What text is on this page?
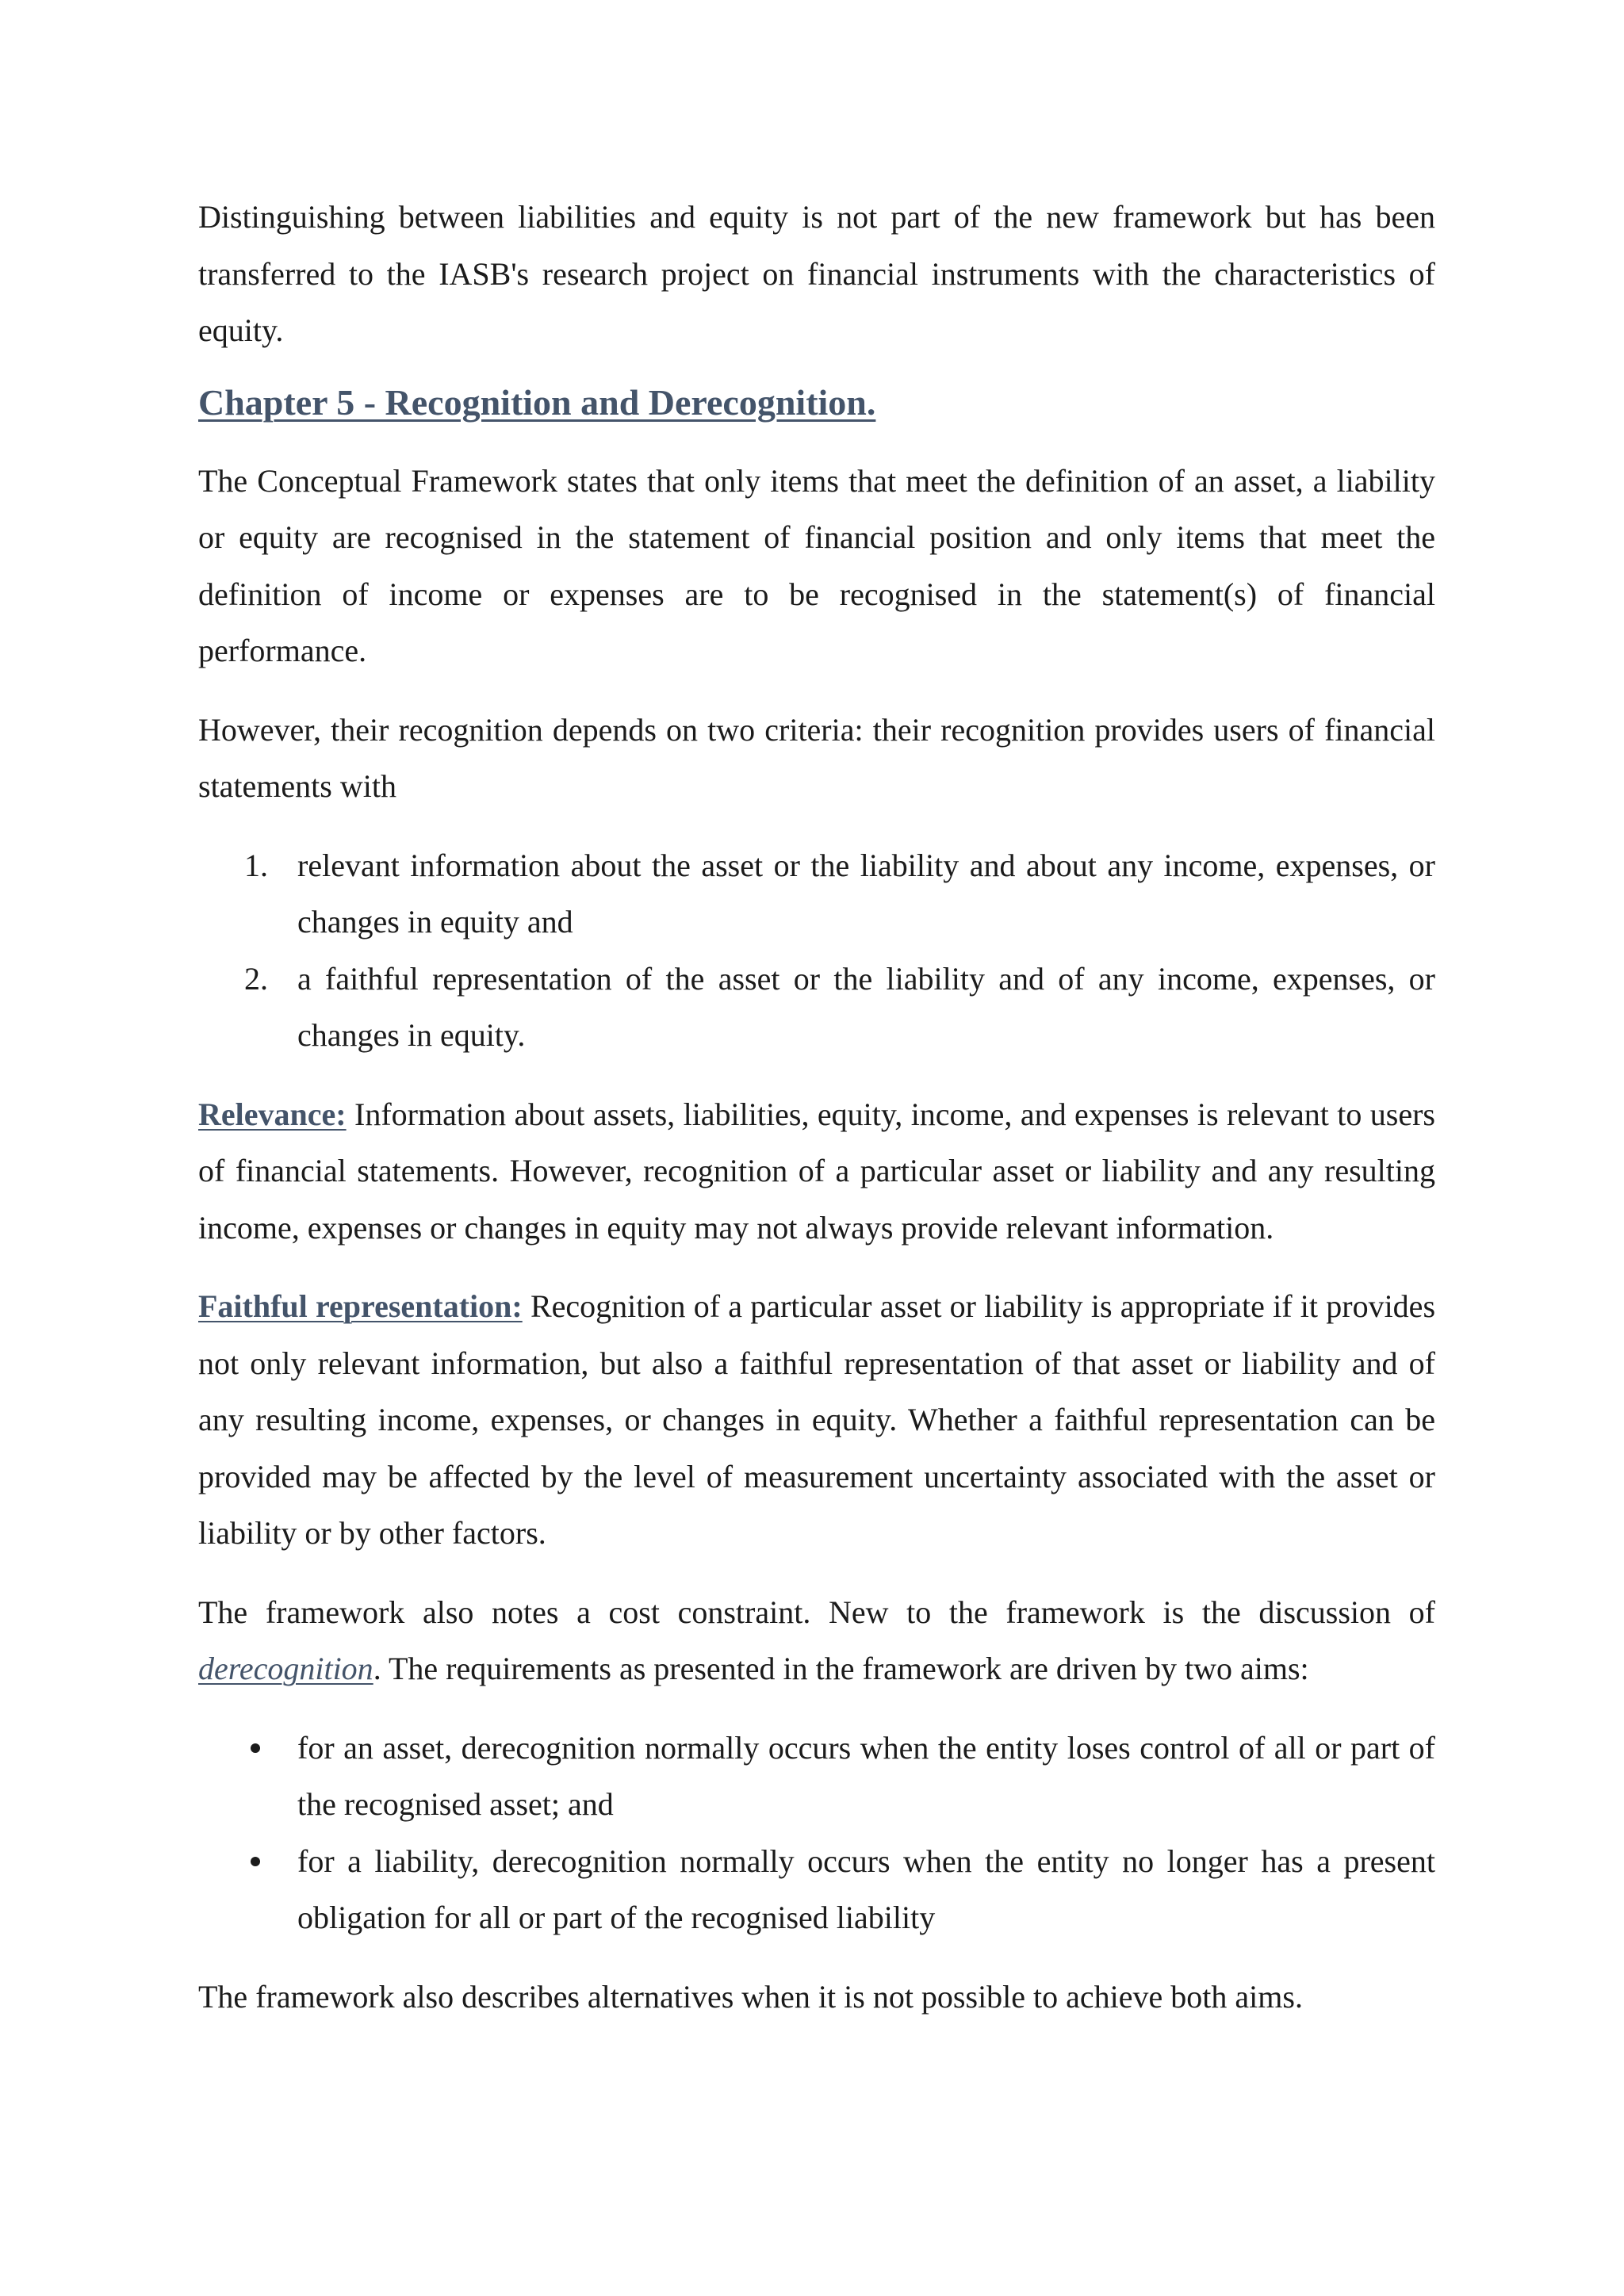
Distinguishing between liabilities and equity is not part of the new framework but has been transferred to the IASB's research project on financial instruments with the characteristics of equity.

Chapter 5 - Recognition and Derecognition.

The Conceptual Framework states that only items that meet the definition of an asset, a liability or equity are recognised in the statement of financial position and only items that meet the definition of income or expenses are to be recognised in the statement(s) of financial performance.

However, their recognition depends on two criteria: their recognition provides users of financial statements with

1. relevant information about the asset or the liability and about any income, expenses, or changes in equity and
2. a faithful representation of the asset or the liability and of any income, expenses, or changes in equity.

Relevance: Information about assets, liabilities, equity, income, and expenses is relevant to users of financial statements. However, recognition of a particular asset or liability and any resulting income, expenses or changes in equity may not always provide relevant information.

Faithful representation: Recognition of a particular asset or liability is appropriate if it provides not only relevant information, but also a faithful representation of that asset or liability and of any resulting income, expenses, or changes in equity. Whether a faithful representation can be provided may be affected by the level of measurement uncertainty associated with the asset or liability or by other factors.

The framework also notes a cost constraint. New to the framework is the discussion of derecognition. The requirements as presented in the framework are driven by two aims:

for an asset, derecognition normally occurs when the entity loses control of all or part of the recognised asset; and
for a liability, derecognition normally occurs when the entity no longer has a present obligation for all or part of the recognised liability

The framework also describes alternatives when it is not possible to achieve both aims.
